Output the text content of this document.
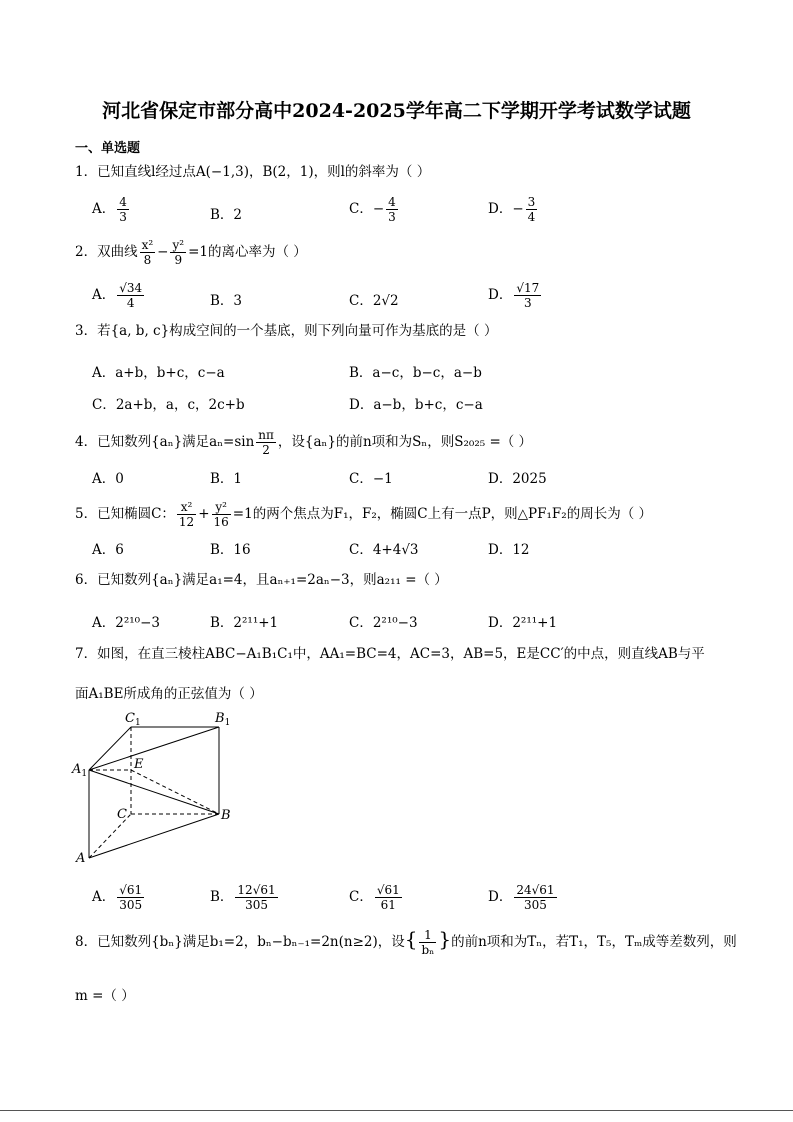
河北省保定市部分高中2024-2025学年高二下学期开学考试数学试题
一、单选题
1．已知直线l经过点A(−1,3)，B(2，1)，则l的斜率为（ ）
A． $\frac{4}{3}$	B．2	C．− $\frac{4}{3}$	D．− $\frac{3}{4}$
2．双曲线 $\frac{\text{x²}}{8} - \frac{\text{y²}}{9} =1$的离心率为（ ）
A． $\frac{√34}{4}$	B．3	C．2√2	D． $\frac{√17}{3}$
3．若{a, b, c}构成空间的一个基底，则下列向量可作为基底的是（ ）
A．a+b，b+c，c−a	B．a−c，b−c，a−b
C．2a+b，a，c，2c+b	D．a−b，b+c，c−a
4．已知数列{aₙ}满足$a_n=\sin \frac{n\pi}{2}$ ，设{aₙ}的前n项和为Sₙ，则S₂₀₂₅ =（ ）
A．0	B．1	C．−1	D．2025
5．已知椭圆C： $\frac{\text{x²}}{12} + \frac{\text{y²}}{16} =1$的两个焦点为F₁，F₂，椭圆C上有一点P，则△PF₁F₂的周长为（ ）
A．6	B．16	C．4+4√3	D．12
6．已知数列{aₙ}满足a₁=4，且aₙ₊₁=2aₙ−3，则a₂₁₁ =（ ）
A．2²¹⁰−3	B．2²¹¹+1	C．2²¹⁰−3	D．2²¹¹+1
7．如图，在直三棱柱ABC−A₁B₁C₁中，AA₁=BC=4，AC=3，AB=5，E是CC′的中点，则直线AB与平
面A₁BE所成角的正弦值为（ ）
$C_1$	$B_1$
$A_1$
E
C	B
A
A． $\frac{√61}{305}$	B． $\frac{12√61}{305}$	C． $\frac{√61}{61}$	D． $\frac{24√61}{305}$
8．已知数列{bₙ}满足b₁=2，bₙ−bₙ₋₁=2n(n≥2)，设{ $\frac{1}{\text{bₙ}}$ }的前n项和为Tₙ，若T₁，T₅，Tₘ成等差数列，则
m =（ ）
